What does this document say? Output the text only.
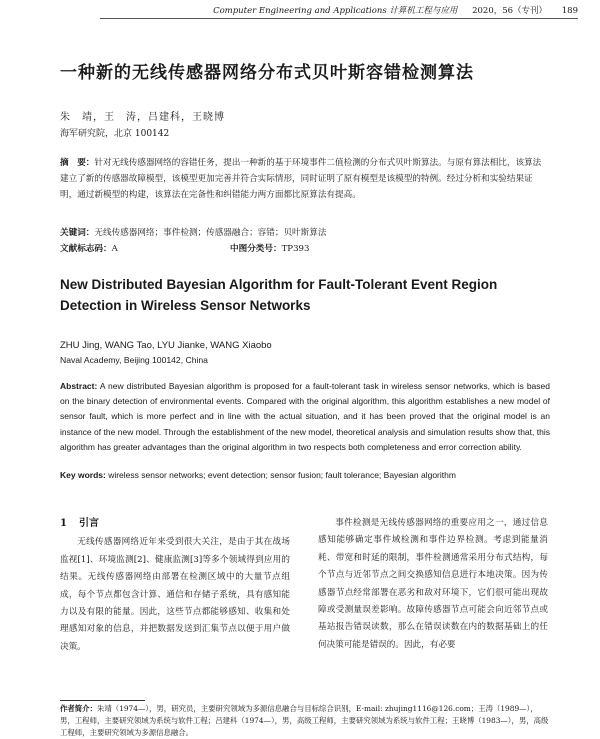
Computer Engineering and Applications 计算机工程与应用 2020，56（专刊） 189
一种新的无线传感器网络分布式贝叶斯容错检测算法
朱　靖，王　涛，吕建科，王晓博
海军研究院，北京 100142
摘　要：针对无线传感器网络的容错任务，提出一种新的基于环境事件二值检测的分布式贝叶斯算法。与原有算法相比，该算法建立了新的传感器故障模型，该模型更加完善并符合实际情形，同时证明了原有模型是该模型的特例。经过分析和实验结果证明，通过新模型的构建，该算法在完备性和纠错能力两方面都比原算法有提高。
关键词：无线传感器网络；事件检测；传感器融合；容错；贝叶斯算法
文献标志码：A	中图分类号：TP393
New Distributed Bayesian Algorithm for Fault-Tolerant Event Region Detection in Wireless Sensor Networks
ZHU Jing, WANG Tao, LYU Jianke, WANG Xiaobo
Naval Academy, Beijing 100142, China
Abstract: A new distributed Bayesian algorithm is proposed for a fault-tolerant task in wireless sensor networks, which is based on the binary detection of environmental events. Compared with the original algorithm, this algorithm establishes a new model of sensor fault, which is more perfect and in line with the actual situation, and it has been proved that the original model is an instance of the new model. Through the establishment of the new model, theoretical analysis and simulation results show that, this algorithm has greater advantages than the original algorithm in two respects both completeness and error correction ability.
Key words: wireless sensor networks; event detection; sensor fusion; fault tolerance; Bayesian algorithm
1 引言

无线传感器网络近年来受到很大关注，是由于其在战场监视[1]、环境监测[2]、健康监测[3]等多个领域得到应用的结果。无线传感器网络由部署在检测区域中的大量节点组成，每个节点都包含计算、通信和存储子系统，具有感知能力以及有限的能量。因此，这些节点都能够感知、收集和处理感知对象的信息，并把数据发送到汇集节点以便于用户做决策。

事件检测是无线传感器网络的重要应用之一，通过信息感知能够确定事件域检测和事件边界检测。考虑到能量消耗、带宽和时延的限制，事件检测通常采用分布式结构，每个节点与近邻节点之间交换感知信息进行本地决策。因为传感器节点经常部署在恶劣和敌对环境下，它们很可能出现故障或受测量误差影响。故障传感器节点可能会向近邻节点或基站报告错误读数，那么在错误读数在内的数据基础上的任何决策可能是错误的。因此，有必要

作者简介：朱靖（1974—），男，研究员，主要研究领域为多源信息融合与目标综合识别，E-mail: zhujing1116@126.com；王涛（1989—），男，工程师，主要研究领域为系统与软件工程；吕建科（1974—），男，高级工程师，主要研究领域为系统与软件工程；王晓博（1983—），男，高级工程师，主要研究领域为多源信息融合。
